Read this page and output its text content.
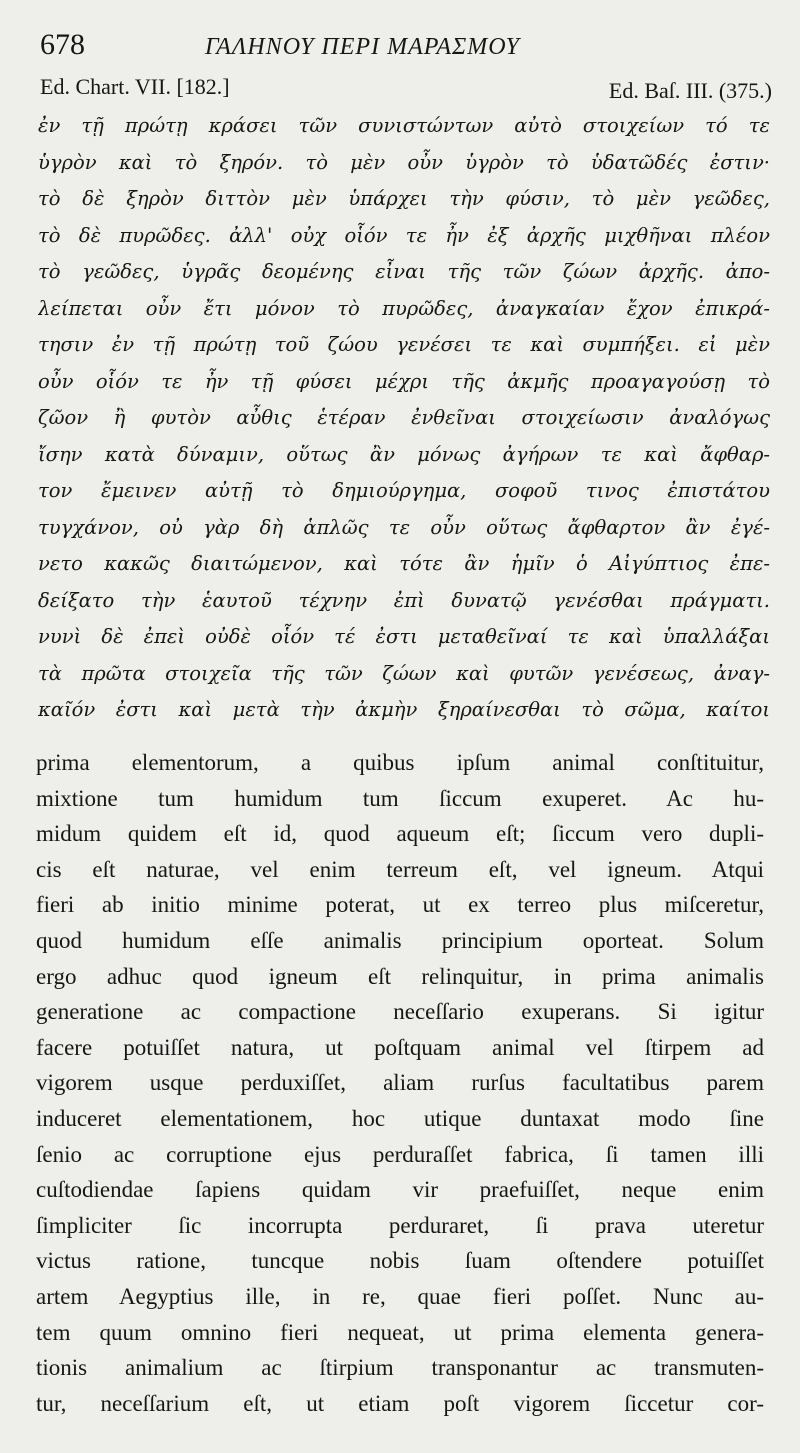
678	ΓΑΛΗΝΟΥ ΠΕΡΙ ΜΑΡΑΣΜΟΥ
Ed. Chart. VII. [182.]	Ed. Baſ. III. (375.)
ἐν τῇ πρώτῃ κράσει τῶν συνιστώντων αὐτὸ στοιχείων τό τε
ὑγρὸν καὶ τὸ ξηρόν. τὸ μὲν οὖν ὑγρὸν τὸ ὑδατῶδές ἐστιν·
τὸ δὲ ξηρὸν διττὸν μὲν ὑπάρχει τὴν φύσιν, τὸ μὲν γεῶδες,
τὸ δὲ πυρῶδες. ἀλλ' οὐχ οἷόν τε ἦν ἐξ ἀρχῆς μιχθῆναι πλέον
τὸ γεῶδες, ὑγρᾶς δεομένης εἶναι τῆς τῶν ζώων ἀρχῆς. ἀπο-
λείπεται οὖν ἔτι μόνον τὸ πυρῶδες, ἀναγκαίαν ἔχον ἐπικρά-
τησιν ἐν τῇ πρώτῃ τοῦ ζώου γενέσει τε καὶ συμπήξει. εἰ μὲν
οὖν οἷόν τε ἦν τῇ φύσει μέχρι τῆς ἀκμῆς προαγαγούσῃ τὸ
ζῶον ἢ φυτὸν αὖθις ἑτέραν ἐνθεῖναι στοιχείωσιν ἀναλόγως
ἴσην κατὰ δύναμιν, οὕτως ἂν μόνως ἀγήρων τε καὶ ἄφθαρ-
τον ἔμεινεν αὐτῇ τὸ δημιούργημα, σοφοῦ τινος ἐπιστάτου
τυγχάνον, οὐ γὰρ δὴ ἁπλῶς τε οὖν οὕτως ἄφθαρτον ἂν ἐγέ-
νετο κακῶς διαιτώμενον, καὶ τότε ἂν ἡμῖν ὁ Αἰγύπτιος ἐπε-
δείξατο τὴν ἑαυτοῦ τέχνην ἐπὶ δυνατῷ γενέσθαι πράγματι.
νυνὶ δὲ ἐπεὶ οὐδὲ οἷόν τέ ἐστι μεταθεῖναί τε καὶ ὑπαλλάξαι
τὰ πρῶτα στοιχεῖα τῆς τῶν ζώων καὶ φυτῶν γενέσεως, ἀναγ-
καῖόν ἐστι καὶ μετὰ τὴν ἀκμὴν ξηραίνεσθαι τὸ σῶμα, καίτοι
prima elementorum, a quibus ipſum animal conſtituitur,
mixtione tum humidum tum ſiccum exuperet. Ac hu-
midum quidem eſt id, quod aqueum eſt; ſiccum vero dupli-
cis eſt naturae, vel enim terreum eſt, vel igneum. Atqui
fieri ab initio minime poterat, ut ex terreo plus miſceretur,
quod humidum eſſe animalis principium oporteat. Solum
ergo adhuc quod igneum eſt relinquitur, in prima animalis
generatione ac compactione neceſſario exuperans. Si igitur
facere potuiſſet natura, ut poſtquam animal vel ſtirpem ad
vigorem usque perduxiſſet, aliam rurſus facultatibus parem
induceret elementationem, hoc utique duntaxat modo ſine
ſenio ac corruptione ejus perduraſſet fabrica, ſi tamen illi
cuſtodiendae ſapiens quidam vir praefuiſſet, neque enim
ſimpliciter ſic incorrupta perduraret, ſi prava uteretur
victus ratione, tuncque nobis ſuam oſtendere potuiſſet
artem Aegyptius ille, in re, quae fieri poſſet. Nunc au-
tem quum omnino fieri nequeat, ut prima elementa genera-
tionis animalium ac ſtirpium transponantur ac transmuten-
tur, neceſſarium eſt, ut etiam poſt vigorem ſiccetur cor-
